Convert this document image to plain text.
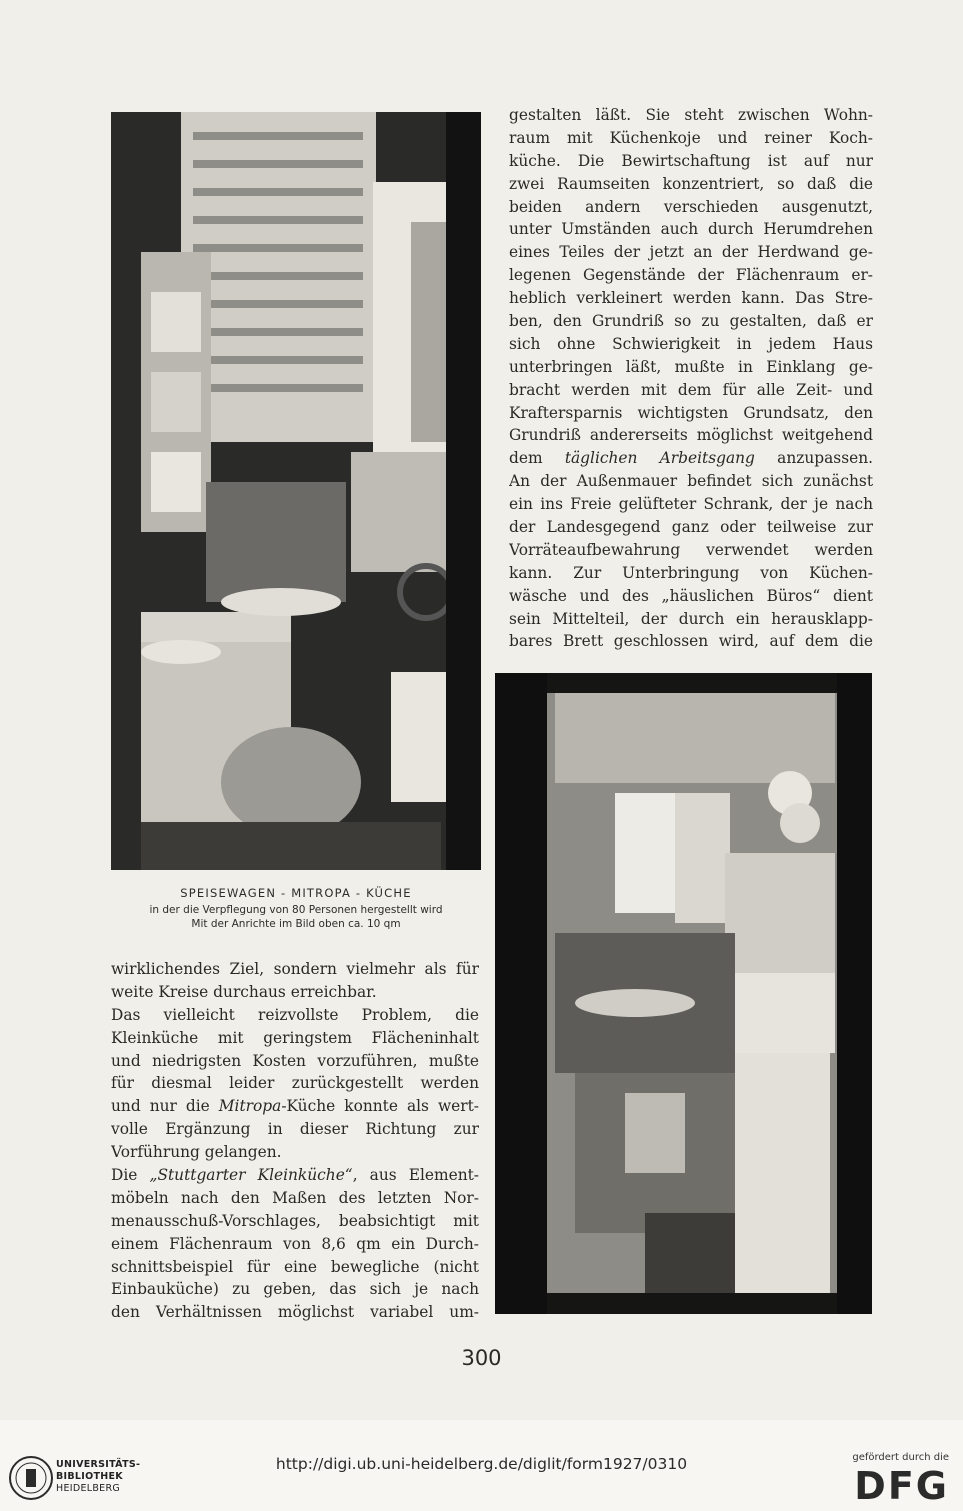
SPEISEWAGEN - MITROPA - KÜCHE
in der die Verpflegung von 80 Personen hergestellt wird
Mit der Anrichte im Bild oben ca. 10 qm
gestalten läßt. Sie steht zwischen Wohn-
raum mit Küchenkoje und reiner Koch-
küche. Die Bewirtschaftung ist auf nur
zwei Raumseiten konzentriert, so daß die
beiden andern verschieden ausgenutzt,
unter Umständen auch durch Herumdrehen
eines Teiles der jetzt an der Herdwand ge-
legenen Gegenstände der Flächenraum er-
heblich verkleinert werden kann. Das Stre-
ben, den Grundriß so zu gestalten, daß er
sich ohne Schwierigkeit in jedem Haus
unterbringen läßt, mußte in Einklang ge-
bracht werden mit dem für alle Zeit- und
Kraftersparnis wichtigsten Grundsatz, den
Grundriß andererseits möglichst weitgehend
dem täglichen Arbeitsgang anzupassen.
An der Außenmauer befindet sich zunächst
ein ins Freie gelüfteter Schrank, der je nach
der Landesgegend ganz oder teilweise zur
Vorräteaufbewahrung verwendet werden
kann. Zur Unterbringung von Küchen-
wäsche und des „häuslichen Büros“ dient
sein Mittelteil, der durch ein herausklapp-
bares Brett geschlossen wird, auf dem die
wirklichendes Ziel, sondern vielmehr als für
weite Kreise durchaus erreichbar.
Das vielleicht reizvollste Problem, die
Kleinküche mit geringstem Flächeninhalt
und niedrigsten Kosten vorzuführen, mußte
für diesmal leider zurückgestellt werden
und nur die Mitropa-Küche konnte als wert-
volle Ergänzung in dieser Richtung zur
Vorführung gelangen.
Die „Stuttgarter Kleinküche“, aus Element-
möbeln nach den Maßen des letzten Nor-
menausschuß-Vorschlages, beabsichtigt mit
einem Flächenraum von 8,6 qm ein Durch-
schnittsbeispiel für eine bewegliche (nicht
Einbauküche) zu geben, das sich je nach
den Verhältnissen möglichst variabel um-
300
UNIVERSITÄTS-
BIBLIOTHEK
HEIDELBERG
http://digi.ub.uni-heidelberg.de/diglit/form1927/0310	gefördert durch die
DFG
